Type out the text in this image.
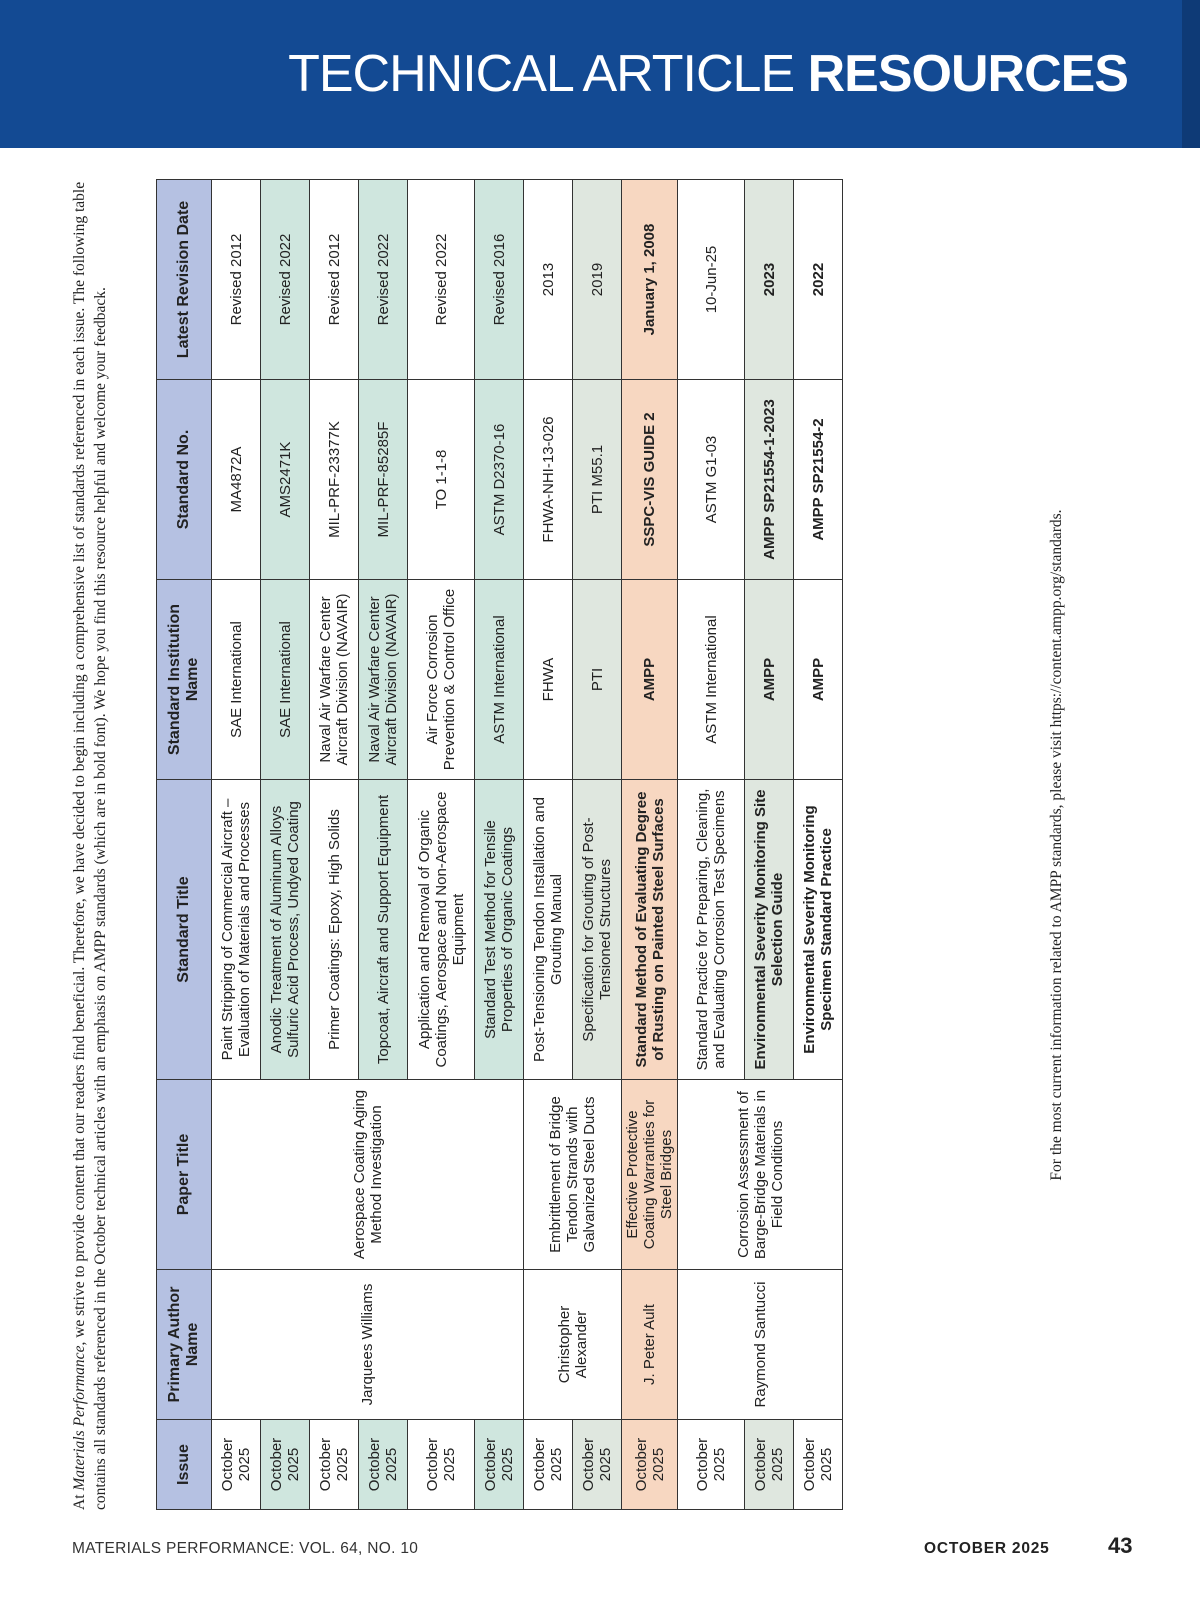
TECHNICAL ARTICLE RESOURCES
At Materials Performance, we strive to provide content that our readers find beneficial. Therefore, we have decided to begin including a comprehensive list of standards referenced in each issue. The following table contains all standards referenced in the October technical articles with an emphasis on AMPP standards (which are in bold font). We hope you find this resource helpful and welcome your feedback.	Issue	Primary Author Name	Paper Title	Standard Title	Standard Institution Name	Standard No.	Latest Revision Date
October 2025	Jarquees Williams	Aerospace Coating Aging Method Investigation	Paint Stripping of Commercial Aircraft – Evaluation of Materials and Processes	SAE International	MA4872A	Revised 2012
October 2025			Anodic Treatment of Aluminum Alloys Sulfuric Acid Process, Undyed Coating	SAE International	AMS2471K	Revised 2022
October 2025			Primer Coatings: Epoxy, High Solids	Naval Air Warfare Center Aircraft Division (NAVAIR)	MIL-PRF-23377K	Revised 2012
October 2025			Topcoat, Aircraft and Support Equipment	Naval Air Warfare Center Aircraft Division (NAVAIR)	MIL-PRF-85285F	Revised 2022
October 2025			Application and Removal of Organic Coatings, Aerospace and Non-Aerospace Equipment	Air Force Corrosion Prevention & Control Office	TO 1-1-8	Revised 2022
October 2025			Standard Test Method for Tensile Properties of Organic Coatings	ASTM International	ASTM D2370-16	Revised 2016
October 2025	Christopher Alexander	Embrittlement of Bridge Tendon Strands with Galvanized Steel Ducts	Post-Tensioning Tendon Installation and Grouting Manual	FHWA	FHWA-NHI-13-026	2013
October 2025			Specification for Grouting of Post-Tensioned Structures	PTI	PTI M55.1	2019
October 2025	J. Peter Ault	Effective Protective Coating Warranties for Steel Bridges	Standard Method of Evaluating Degree of Rusting on Painted Steel Surfaces	AMPP	SSPC-VIS GUIDE 2	January 1, 2008
October 2025	Raymond Santucci	Corrosion Assessment of Barge-Bridge Materials in Field Conditions	Standard Practice for Preparing, Cleaning, and Evaluating Corrosion Test Specimens	ASTM International	ASTM G1-03	10-Jun-25
October 2025			Environmental Severity Monitoring Site Selection Guide	AMPP	AMPP SP21554-1-2023	2023
October 2025			Environmental Severity Monitoring Specimen Standard Practice	AMPP	AMPP SP21554-2	2022
For the most current information related to AMPP standards, please visit https://content.ampp.org/standards.
MATERIALS PERFORMANCE: VOL. 64, NO. 10	OCTOBER 2025	43
